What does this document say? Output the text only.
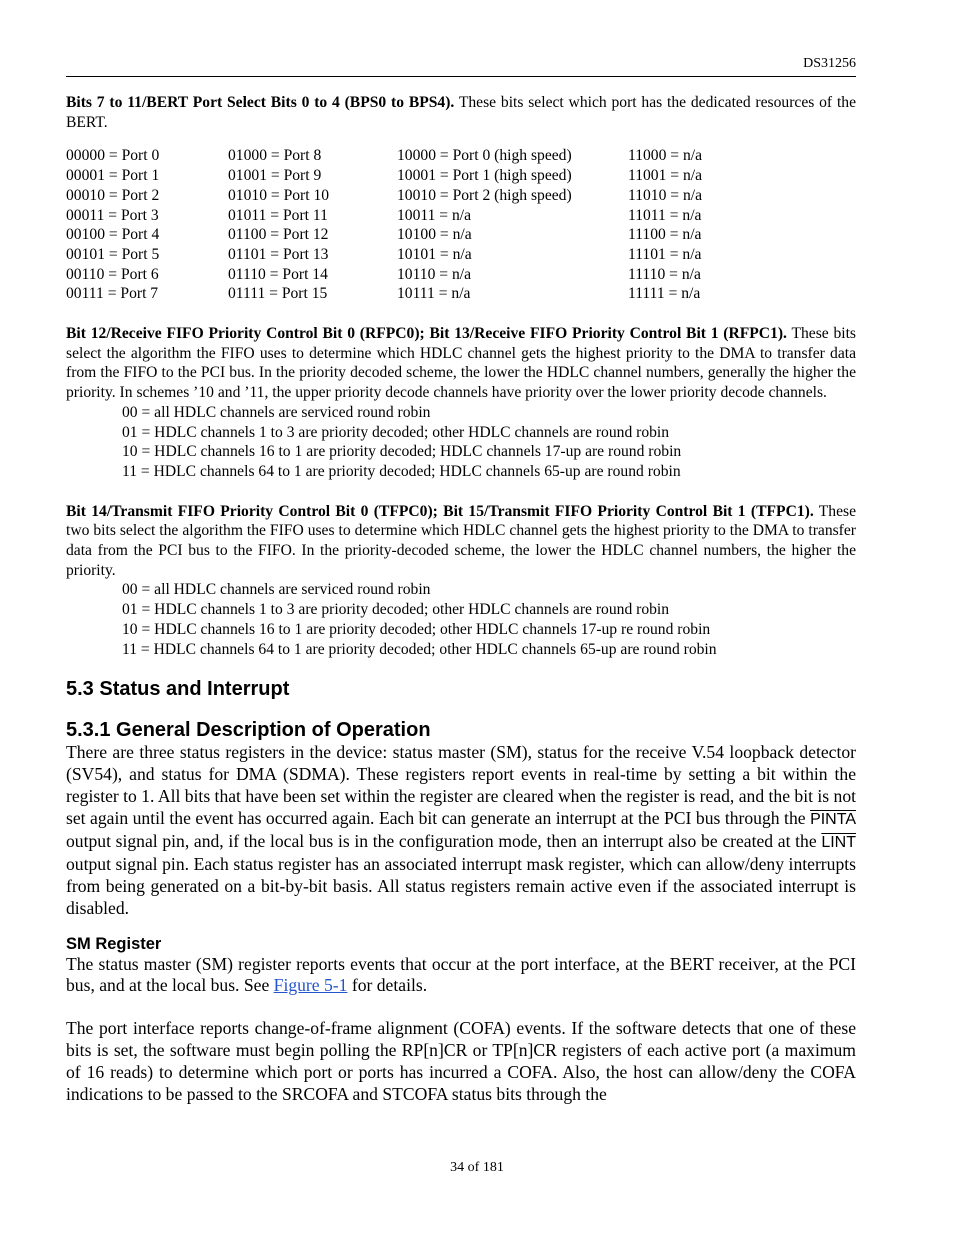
DS31256

Bits 7 to 11/BERT Port Select Bits 0 to 4 (BPS0 to BPS4). These bits select which port has the dedicated resources of the BERT.

00000 = Port 0	01000 = Port 8	10000 = Port 0 (high speed)	11000 = n/a
00001 = Port 1	01001 = Port 9	10001 = Port 1 (high speed)	11001 = n/a
00010 = Port 2	01010 = Port 10	10010 = Port 2 (high speed)	11010 = n/a
00011 = Port 3	01011 = Port 11	10011 = n/a	11011 = n/a
00100 = Port 4	01100 = Port 12	10100 = n/a	11100 = n/a
00101 = Port 5	01101 = Port 13	10101 = n/a	11101 = n/a
00110 = Port 6	01110 = Port 14	10110 = n/a	11110 = n/a
00111 = Port 7	01111 = Port 15	10111 = n/a	11111 = n/a

Bit 12/Receive FIFO Priority Control Bit 0 (RFPC0); Bit 13/Receive FIFO Priority Control Bit 1 (RFPC1). These bits select the algorithm the FIFO uses to determine which HDLC channel gets the highest priority to the DMA to transfer data from the FIFO to the PCI bus. In the priority decoded scheme, the lower the HDLC channel numbers, generally the higher the priority. In schemes ’10 and ’11, the upper priority decode channels have priority over the lower priority decode channels.

00 = all HDLC channels are serviced round robin
01 = HDLC channels 1 to 3 are priority decoded; other HDLC channels are round robin
10 = HDLC channels 16 to 1 are priority decoded; HDLC channels 17-up are round robin
11 = HDLC channels 64 to 1 are priority decoded; HDLC channels 65-up are round robin

Bit 14/Transmit FIFO Priority Control Bit 0 (TFPC0); Bit 15/Transmit FIFO Priority Control Bit 1 (TFPC1). These two bits select the algorithm the FIFO uses to determine which HDLC channel gets the highest priority to the DMA to transfer data from the PCI bus to the FIFO. In the priority-decoded scheme, the lower the HDLC channel numbers, the higher the priority.

00 = all HDLC channels are serviced round robin
01 = HDLC channels 1 to 3 are priority decoded; other HDLC channels are round robin
10 = HDLC channels 16 to 1 are priority decoded; other HDLC channels 17-up re round robin
11 = HDLC channels 64 to 1 are priority decoded; other HDLC channels 65-up are round robin
5.3 Status and Interrupt
5.3.1 General Description of Operation

There are three status registers in the device: status master (SM), status for the receive V.54 loopback detector (SV54), and status for DMA (SDMA). These registers report events in real-time by setting a bit within the register to 1. All bits that have been set within the register are cleared when the register is read, and the bit is not set again until the event has occurred again. Each bit can generate an interrupt at the PCI bus through the PINTA output signal pin, and, if the local bus is in the configuration mode, then an interrupt also be created at the LINT output signal pin. Each status register has an associated interrupt mask register, which can allow/deny interrupts from being generated on a bit-by-bit basis. All status registers remain active even if the associated interrupt is disabled.

SM Register

The status master (SM) register reports events that occur at the port interface, at the BERT receiver, at the PCI bus, and at the local bus. See Figure 5-1 for details.

The port interface reports change-of-frame alignment (COFA) events. If the software detects that one of these bits is set, the software must begin polling the RP[n]CR or TP[n]CR registers of each active port (a maximum of 16 reads) to determine which port or ports has incurred a COFA. Also, the host can allow/deny the COFA indications to be passed to the SRCOFA and STCOFA status bits through the

34 of 181
